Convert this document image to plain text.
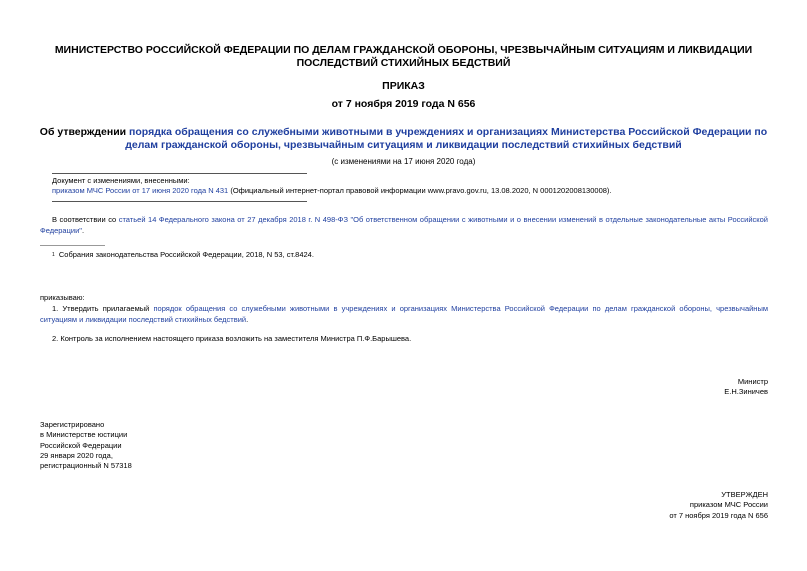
МИНИСТЕРСТВО РОССИЙСКОЙ ФЕДЕРАЦИИ ПО ДЕЛАМ ГРАЖДАНСКОЙ ОБОРОНЫ, ЧРЕЗВЫЧАЙНЫМ СИТУАЦИЯМ И ЛИКВИДАЦИИ ПОСЛЕДСТВИЙ СТИХИЙНЫХ БЕДСТВИЙ
ПРИКАЗ
от 7 ноября 2019 года N 656
Об утверждении порядка обращения со служебными животными в учреждениях и организациях Министерства Российской Федерации по делам гражданской обороны, чрезвычайным ситуациям и ликвидации последствий стихийных бедствий
(с изменениями на 17 июня 2020 года)
Документ с изменениями, внесенными:
приказом МЧС России от 17 июня 2020 года N 431 (Официальный интернет-портал правовой информации www.pravo.gov.ru, 13.08.2020, N 0001202008130008).
В соответствии со статьей 14 Федерального закона от 27 декабря 2018 г. N 498-ФЗ "Об ответственном обращении с животными и о внесении изменений в отдельные законодательные акты Российской Федерации".
$^1$ Собрания законодательства Российской Федерации, 2018, N 53, ст.8424.
приказываю:
1. Утвердить прилагаемый порядок обращения со служебными животными в учреждениях и организациях Министерства Российской Федерации по делам гражданской обороны, чрезвычайным ситуациям и ликвидации последствий стихийных бедствий.
2. Контроль за исполнением настоящего приказа возложить на заместителя Министра П.Ф.Барышева.
Министр
Е.Н.Зиничев
Зарегистрировано
в Министерстве юстиции
Российской Федерации
29 января 2020 года,
регистрационный N 57318
УТВЕРЖДЕН
приказом МЧС России
от 7 ноября 2019 года N 656
